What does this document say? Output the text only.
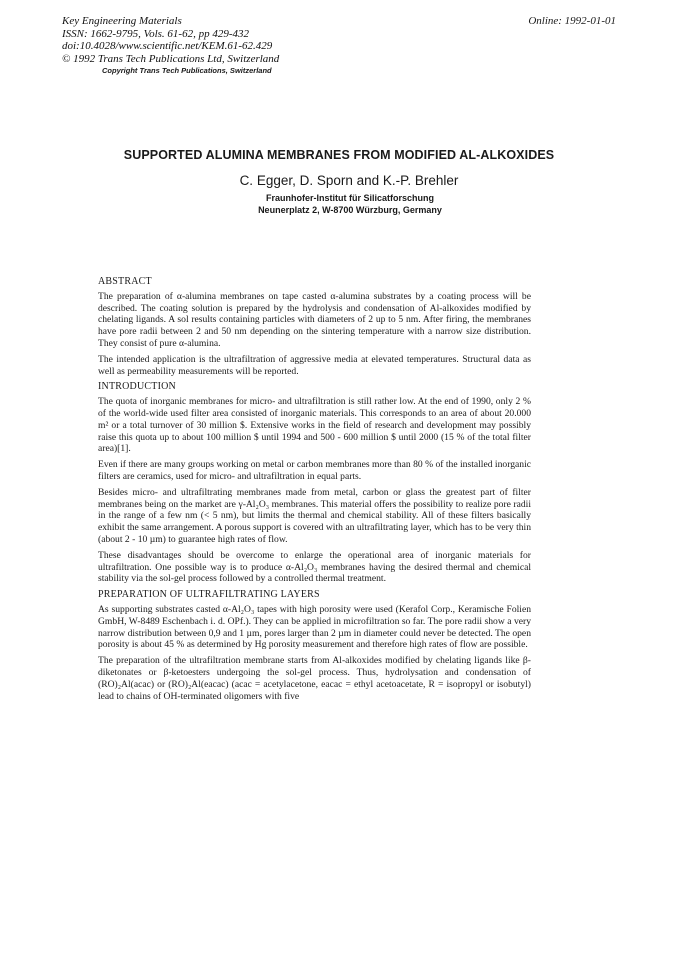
Key Engineering Materials
ISSN: 1662-9795, Vols. 61-62, pp 429-432
doi:10.4028/www.scientific.net/KEM.61-62.429
© 1992 Trans Tech Publications Ltd, Switzerland
Online: 1992-01-01
Copyright Trans Tech Publications, Switzerland
SUPPORTED ALUMINA MEMBRANES FROM MODIFIED AL-ALKOXIDES
C. Egger, D. Sporn and K.-P. Brehler
Fraunhofer-Institut für Silicatforschung
Neunerplatz 2, W-8700 Würzburg, Germany
ABSTRACT

The preparation of α-alumina membranes on tape casted α-alumina substrates by a coating process will be described. The coating solution is prepared by the hydrolysis and condensation of Al-alkoxides modified by chelating ligands. A sol results containing particles with diameters of 2 up to 5 nm. After firing, the membranes have pore radii between 2 and 50 nm depending on the sintering temperature with a narrow size distribution. They consist of pure α-alumina.

The intended application is the ultrafiltration of aggressive media at elevated temperatures. Structural data as well as permeability measurements will be reported.

INTRODUCTION

The quota of inorganic membranes for micro- and ultrafiltration is still rather low. At the end of 1990, only 2 % of the world-wide used filter area consisted of inorganic materials. This corresponds to an area of about 20.000 m² or a total turnover of 30 million $. Extensive works in the field of research and development may possibly raise this quota up to about 100 million $ until 1994 and 500 - 600 million $ until 2000 (15 % of the total filter area)[1].

Even if there are many groups working on metal or carbon membranes more than 80 % of the installed inorganic filters are ceramics, used for micro- and ultrafiltration in equal parts.

Besides micro- and ultrafiltrating membranes made from metal, carbon or glass the greatest part of filter membranes being on the market are γ-Al₂O₃ membranes. This material offers the possibility to realize pore radii in the range of a few nm (< 5 nm), but limits the thermal and chemical stability. All of these filters basically exhibit the same arrangement. A porous support is covered with an ultrafiltrating layer, which has to be very thin (about 2 - 10 µm) to guarantee high rates of flow.

These disadvantages should be overcome to enlarge the operational area of inorganic materials for ultrafiltration. One possible way is to produce α-Al₂O₃ membranes having the desired thermal and chemical stability via the sol-gel process followed by a controlled thermal treatment.

PREPARATION OF ULTRAFILTRATING LAYERS

As supporting substrates casted α-Al₂O₃ tapes with high porosity were used (Kerafol Corp., Keramische Folien GmbH, W-8489 Eschenbach i. d. OPf.). They can be applied in microfiltration so far. The pore radii show a very narrow distribution between 0,9 and 1 µm, pores larger than 2 µm in diameter could never be detected. The open porosity is about 45 % as determined by Hg porosity measurement and therefore high rates of flow are possible.

The preparation of the ultrafiltration membrane starts from Al-alkoxides modified by chelating ligands like β-diketonates or β-ketoesters undergoing the sol-gel process. Thus, hydrolysation and condensation of (RO)₂Al(acac) or (RO)₂Al(eacac) (acac = acetylacetone, eacac = ethyl acetoacetate, R = isopropyl or isobutyl) lead to chains of OH-terminated oligomers with five
